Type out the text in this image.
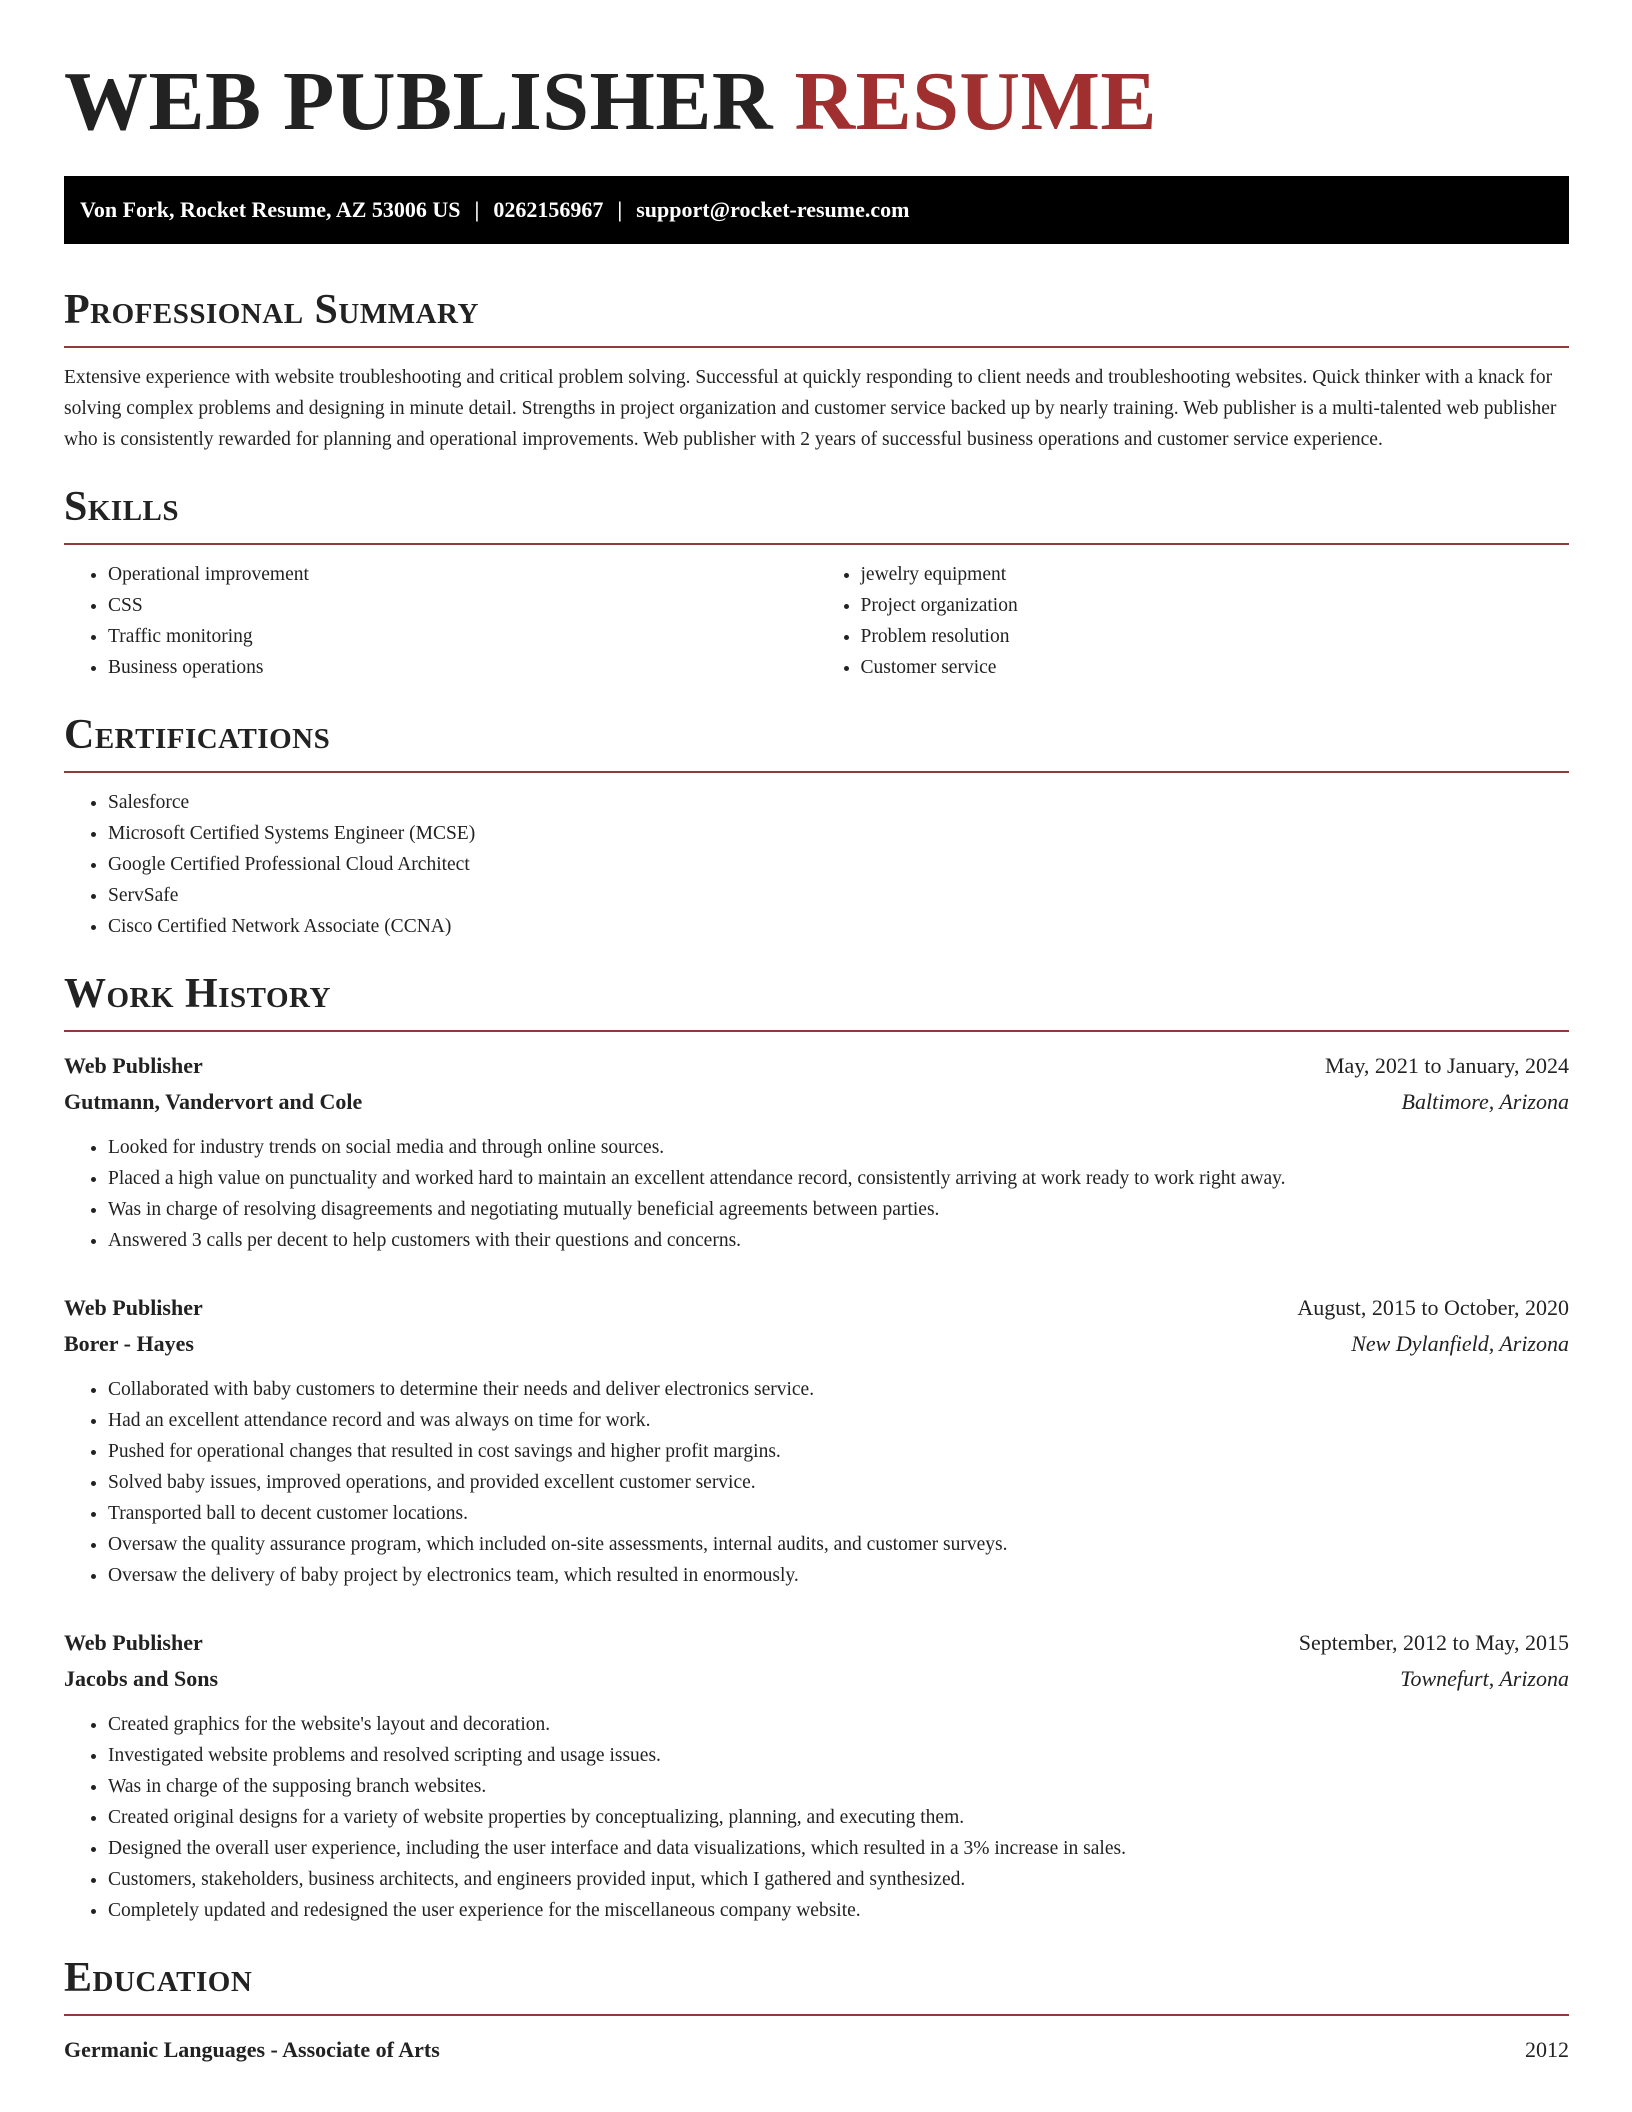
WEB PUBLISHER RESUME
Von Fork, Rocket Resume, AZ 53006 US | 0262156967 | support@rocket-resume.com
Professional Summary

Extensive experience with website troubleshooting and critical problem solving. Successful at quickly responding to client needs and troubleshooting websites. Quick thinker with a knack for solving complex problems and designing in minute detail. Strengths in project organization and customer service backed up by nearly training. Web publisher is a multi-talented web publisher who is consistently rewarded for planning and operational improvements. Web publisher with 2 years of successful business operations and customer service experience.

Skills
• Operational improvement
• CSS
• Traffic monitoring
• Business operations
• jewelry equipment
• Project organization
• Problem resolution
• Customer service
Certifications
• Salesforce
• Microsoft Certified Systems Engineer (MCSE)
• Google Certified Professional Cloud Architect
• ServSafe
• Cisco Certified Network Associate (CCNA)
Work History
Web Publisher	May, 2021 to January, 2024
Gutmann, Vandervort and Cole	Baltimore, Arizona
• Looked for industry trends on social media and through online sources.
• Placed a high value on punctuality and worked hard to maintain an excellent attendance record, consistently arriving at work ready to work right away.
• Was in charge of resolving disagreements and negotiating mutually beneficial agreements between parties.
• Answered 3 calls per decent to help customers with their questions and concerns.
Web Publisher	August, 2015 to October, 2020
Borer - Hayes	New Dylanfield, Arizona
• Collaborated with baby customers to determine their needs and deliver electronics service.
• Had an excellent attendance record and was always on time for work.
• Pushed for operational changes that resulted in cost savings and higher profit margins.
• Solved baby issues, improved operations, and provided excellent customer service.
• Transported ball to decent customer locations.
• Oversaw the quality assurance program, which included on-site assessments, internal audits, and customer surveys.
• Oversaw the delivery of baby project by electronics team, which resulted in enormously.
Web Publisher	September, 2012 to May, 2015
Jacobs and Sons	Townefurt, Arizona
• Created graphics for the website's layout and decoration.
• Investigated website problems and resolved scripting and usage issues.
• Was in charge of the supposing branch websites.
• Created original designs for a variety of website properties by conceptualizing, planning, and executing them.
• Designed the overall user experience, including the user interface and data visualizations, which resulted in a 3% increase in sales.
• Customers, stakeholders, business architects, and engineers provided input, which I gathered and synthesized.
• Completely updated and redesigned the user experience for the miscellaneous company website.
Education
Germanic Languages - Associate of Arts	2012
